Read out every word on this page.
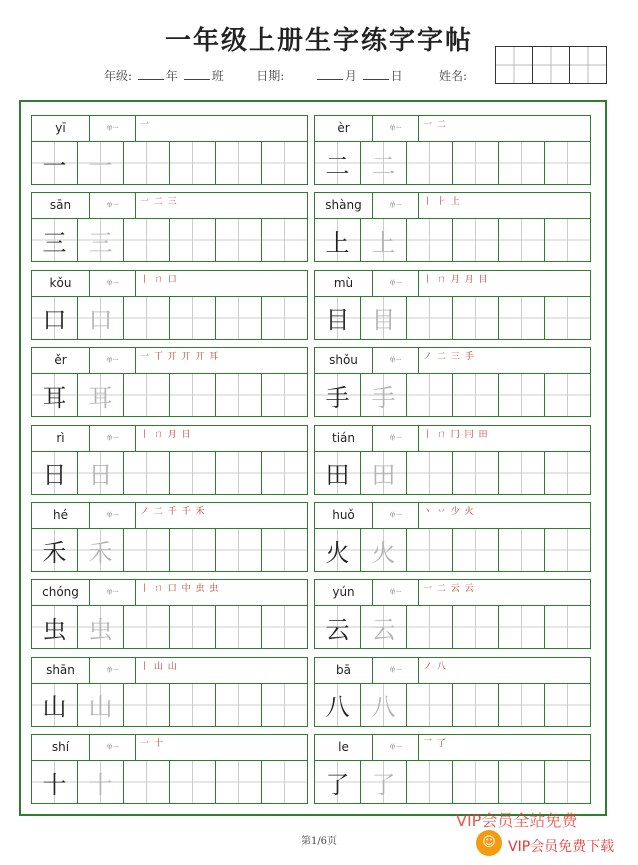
一年级上册生字练字字帖
年级:	年	班	日期:	月	日	姓名:
yī	单一	一
一 一
èr	单一	一 二
二 二
sān	单一	一 二 三
三 三
shàng	单一	丨 ⺊ 上
上 上
kǒu	单一	丨 ㄇ 口
口 口
mù	单一	丨 ㄇ 月 月 目
目 目
ěr	单一	一 丅 丌 丌 丌 耳
耳 耳
shǒu	单一	ノ 二 三 手
手 手
rì	单一	丨 ㄇ 月 日
日 日
tián	单一	丨 ㄇ 冂 冃 田
田 田
hé	单一	ノ 二 千 千 禾
禾 禾
huǒ	单一	丶 丷 少 火
火 火
chóng	单一	丨 ㄇ 口 中 虫 虫
虫 虫
yún	单一	一 二 云 云
云 云
shān	单一	丨 山 山
山 山
bā	单一	ノ 八
八 八
shí	单一	一 十
十 十
le	单一	乛 了
了 了
第1/6页
VIP会员全站免费
☺ VIP会员免费下载
